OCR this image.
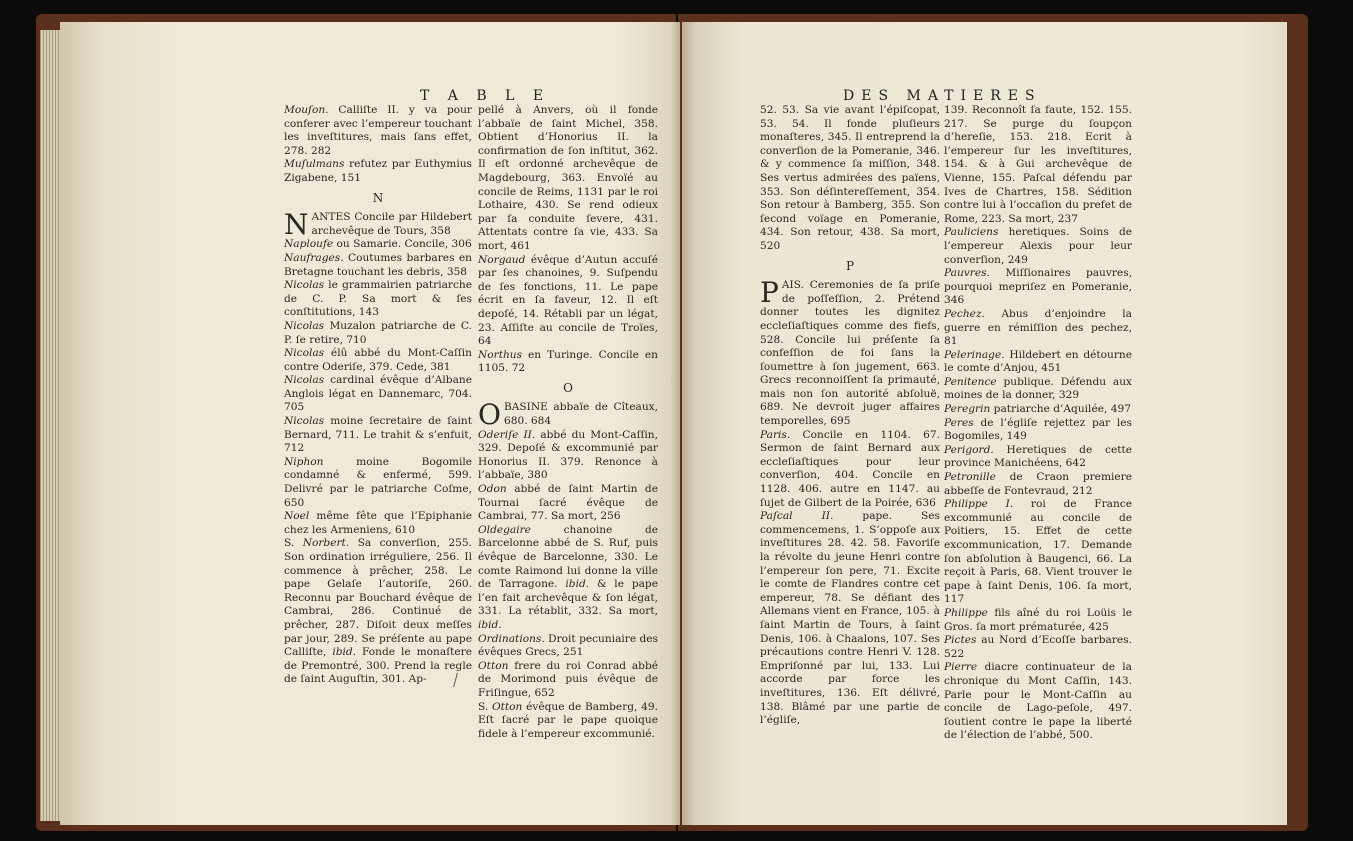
T A B L E	DES MATIERES

Mouſon. Calliſte II. y va pour conferer avec l’empereur touchant les inveſtitures, mais ſans effet, 278. 282

Muſulmans refutez par Euthymius Zigabene, 151

N

NANTES Concile par Hildebert archevêque de Tours, 358

Naploufe ou Samarie. Concile, 306

Naufrages. Coutumes barbares en Bretagne touchant les debris, 358

Nicolas le grammairien patriarche de C. P. Sa mort & ſes conſtitutions, 143

Nicolas Muzalon patriarche de C. P. ſe retire, 710

Nicolas élû abbé du Mont-Caſſin contre Oderiſe, 379. Cede, 381

Nicolas cardinal évêque d’Albane Anglois légat en Dannemarc, 704. 705

Nicolas moine ſecretaire de ſaint Bernard, 711. Le trahit & s’enfuit, 712

Niphon moine Bogomile condamné & enfermé, 599. Delivré par le patriarche Coſme, 650

Noel même fête que l’Epiphanie chez les Armeniens, 610

S. Norbert. Sa converſion, 255. Son ordination irréguliere, 256. Il commence à prêcher, 258. Le pape Gelaſe l’autoriſe, 260. Reconnu par Bouchard évêque de Cambrai, 286. Continué de prêcher, 287. Diſoit deux meſſes par jour, 289. Se préſente au pape Calliſte, ibid. Fonde le monaſtere de Premontré, 300. Prend la regle de ſaint Auguſtin, 301. Ap-

pellé à Anvers, où il fonde l’abbaïe de ſaint Michel, 358. Obtient d’Honorius II. la confirmation de ſon inſtitut, 362. Il eſt ordonné archevêque de Magdebourg, 363. Envoïé au concile de Reims, 1131 par le roi Lothaire, 430. Se rend odieux par ſa conduite ſevere, 431. Attentats contre ſa vie, 433. Sa mort, 461

Norgaud évêque d’Autun accuſé par ſes chanoines, 9. Suſpendu de ſes fonctions, 11. Le pape écrit en ſa faveur, 12. Il eſt depoſé, 14. Rétabli par un légat, 23. Aſſiſte au concile de Troïes, 64

Northus en Turinge. Concile en 1105. 72

O

OBASINE abbaïe de Cîteaux, 680. 684

Oderiſe II. abbé du Mont-Caſſin, 329. Depoſé & excommunié par Honorius II. 379. Renonce à l’abbaïe, 380

Odon abbé de ſaint Martin de Tournai ſacré évêque de Cambrai, 77. Sa mort, 256

Oldegaire chanoine de Barcelonne abbé de S. Ruf, puis évêque de Barcelonne, 330. Le comte Raimond lui donne la ville de Tarragone. ibid. & le pape l’en fait archevêque & ſon légat, 331. La rétablit, 332. Sa mort, ibid.

Ordinations. Droit pecuniaire des évêques Grecs, 251

Otton frere du roi Conrad abbé de Morimond puis évêque de Friſingue, 652

S. Otton évêque de Bamberg, 49. Eſt ſacré par le pape quoique fidele à l’empereur excommunié.

52. 53. Sa vie avant l’épiſcopat, 53. 54. Il fonde pluſieurs monaſteres, 345. Il entreprend la converſion de la Pomeranie, 346. & y commence ſa miſſion, 348. Ses vertus admirées des païens, 353. Son déſintereſſement, 354. Son retour à Bamberg, 355. Son ſecond voïage en Pomeranie, 434. Son retour, 438. Sa mort, 520

P

PAIS. Ceremonies de ſa priſe de poſſeſſion, 2. Prétend donner toutes les dignitez eccleſiaſtiques comme des fiefs, 528. Concile lui préſente ſa confeſſion de foi ſans la ſoumettre à ſon jugement, 663. Grecs reconnoiſſent ſa primauté, mais non ſon autorité abſoluë, 689. Ne devroit juger affaires temporelles, 695

Paris. Concile en 1104. 67. Sermon de ſaint Bernard aux eccleſiaſtiques pour leur converſion, 404. Concile en 1128. 406. autre en 1147. au ſujet de Gilbert de la Poirée, 636

Paſcal II. pape. Ses commencemens, 1. S’oppoſe aux inveſtitures 28. 42. 58. Favoriſe la révolte du jeune Henri contre l’empereur ſon pere, 71. Excite le comte de Flandres contre cet empereur, 78. Se défiant des Allemans vient en France, 105. à ſaint Martin de Tours, à ſaint Denis, 106. à Chaalons, 107. Ses précautions contre Henri V. 128. Empriſonné par lui, 133. Lui accorde par force les inveſtitures, 136. Eſt délivré, 138. Blâmé par une partie de l’égliſe,

139. Reconnoît ſa faute, 152. 155. 217. Se purge du ſoupçon d’hereſie, 153. 218. Ecrit à l’empereur ſur les inveſtitures, 154. & à Gui archevêque de Vienne, 155. Paſcal défendu par Ives de Chartres, 158. Sédition contre lui à l’occaſion du prefet de Rome, 223. Sa mort, 237

Pauliciens heretiques. Soins de l’empereur Alexis pour leur converſion, 249

Pauvres. Miſſionaires pauvres, pourquoi mepriſez en Pomeranie, 346

Pechez. Abus d’enjoindre la guerre en rémiſſion des pechez, 81

Pelerinage. Hildebert en détourne le comte d’Anjou, 451

Penitence publique. Défendu aux moines de la donner, 329

Peregrin patriarche d’Aquilée, 497

Peres de l’égliſe rejettez par les Bogomiles, 149

Perigord. Heretiques de cette province Manichéens, 642

Petronille de Craon premiere abbeſſe de Fontevraud, 212

Philippe I. roi de France excommunié au concile de Poitiers, 15. Effet de cette excommunication, 17. Demande ſon abſolution à Baugenci, 66. La reçoit à Paris, 68. Vient trouver le pape à ſaint Denis, 106. ſa mort, 117

Philippe fils aîné du roi Loüis le Gros. ſa mort prématurée, 425

Pictes au Nord d’Ecoſſe barbares. 522

Pierre diacre continuateur de la chronique du Mont Caſſin, 143. Parle pour le Mont-Caſſin au concile de Lago-peſole, 497. ſoutient contre le pape la liberté de l’élection de l’abbé, 500.
